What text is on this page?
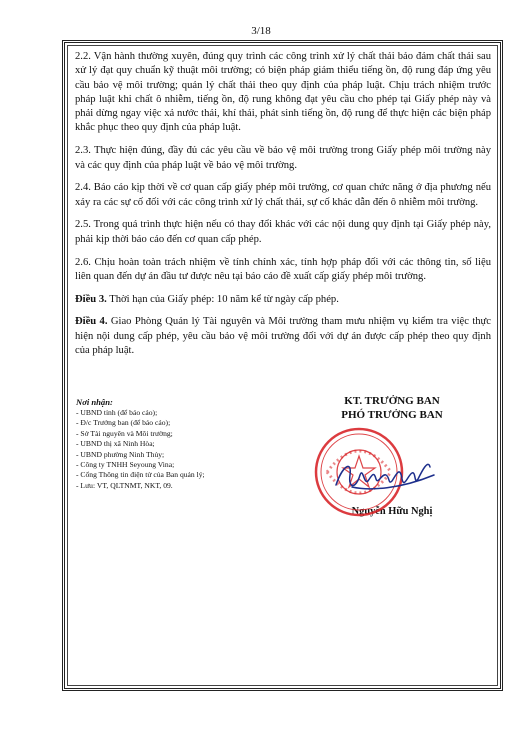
3/18

2.2. Vận hành thường xuyên, đúng quy trình các công trình xử lý chất thải bảo đảm chất thải sau xử lý đạt quy chuẩn kỹ thuật môi trường; có biện pháp giảm thiểu tiếng ồn, độ rung đáp ứng yêu cầu bảo vệ môi trường; quản lý chất thải theo quy định của pháp luật. Chịu trách nhiệm trước pháp luật khi chất ô nhiễm, tiếng ồn, độ rung không đạt yêu cầu cho phép tại Giấy phép này và phải dừng ngay việc xả nước thải, khí thải, phát sinh tiếng ồn, độ rung để thực hiện các biện pháp khắc phục theo quy định của pháp luật.

2.3. Thực hiện đúng, đầy đủ các yêu cầu về bảo vệ môi trường trong Giấy phép môi trường này và các quy định của pháp luật về bảo vệ môi trường.

2.4. Báo cáo kịp thời về cơ quan cấp giấy phép môi trường, cơ quan chức năng ở địa phương nếu xảy ra các sự cố đối với các công trình xử lý chất thải, sự cố khác dẫn đến ô nhiễm môi trường.

2.5. Trong quá trình thực hiện nếu có thay đổi khác với các nội dung quy định tại Giấy phép này, phải kịp thời báo cáo đến cơ quan cấp phép.

2.6. Chịu hoàn toàn trách nhiệm về tính chính xác, tính hợp pháp đối với các thông tin, số liệu liên quan đến dự án đầu tư được nêu tại báo cáo đề xuất cấp giấy phép môi trường.

Điều 3. Thời hạn của Giấy phép: 10 năm kể từ ngày cấp phép.

Điều 4. Giao Phòng Quản lý Tài nguyên và Môi trường tham mưu nhiệm vụ kiểm tra việc thực hiện nội dung cấp phép, yêu cầu bảo vệ môi trường đối với dự án được cấp phép theo quy định của pháp luật.

Nơi nhận:
- UBND tỉnh (để báo cáo);
- Đ/c Trưởng ban (để báo cáo);
- Sở Tài nguyên và Môi trường;
- UBND thị xã Ninh Hòa;
- UBND phường Ninh Thủy;
- Công ty TNHH Seyoung Vina;
- Cổng Thông tin điện tử của Ban quản lý;
- Lưu: VT, QLTNMT, NKT, 09.
KT. TRƯỞNG BAN
PHÓ TRƯỞNG BAN
Nguyễn Hữu Nghị
